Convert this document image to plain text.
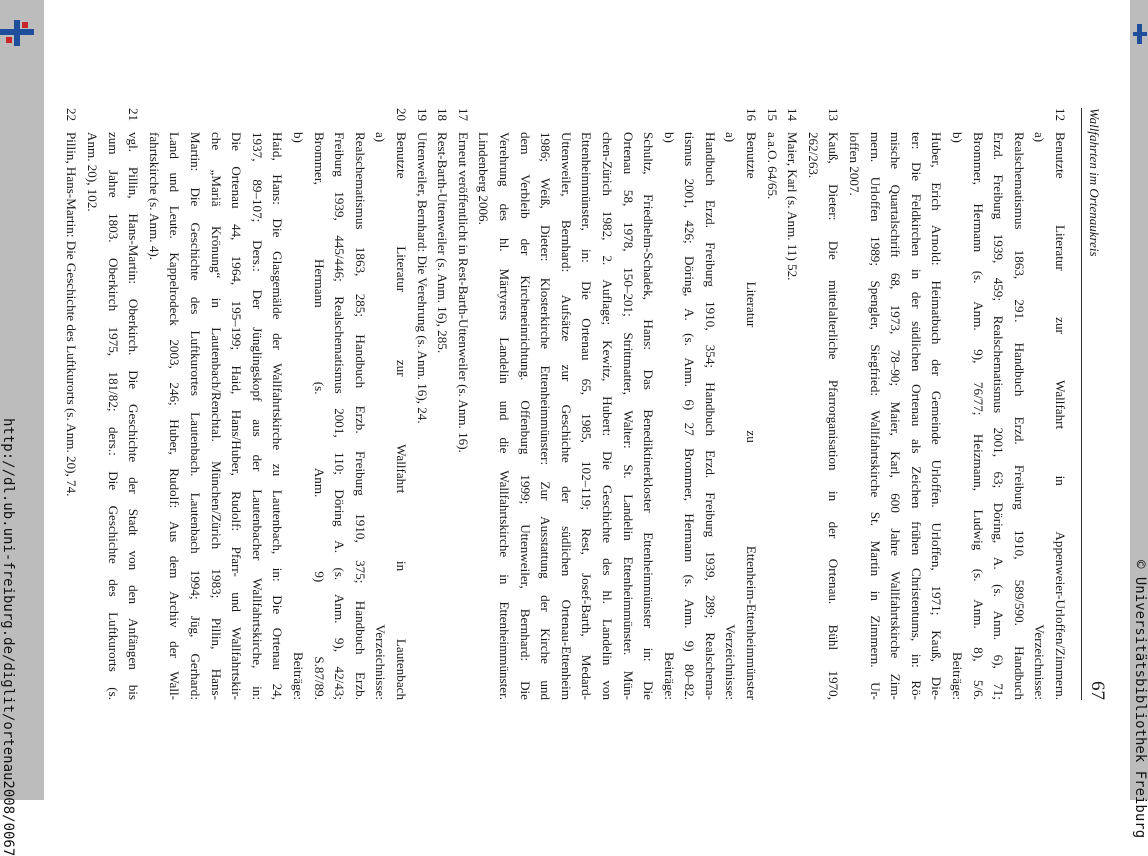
http://dl.ub.uni-freiburg.de/diglit/ortenau2008/0067	© Universitätsbibliothek Freiburg
Wallfahrten im Ortenaukreis
67
12
Benutzte Literatur zur Wallfahrt in Appenweier-Urloffen/Zimmern.
a) Verzeichnisse:
Realschematismus 1863, 291. Handbuch Erzd. Freiburg 1910, 589/590. Handbuch
Erzd. Freiburg 1939, 459; Realschematismus 2001, 63; Döring, A. (s. Anm. 6), 71;
Brommer, Hermann (s. Anm. 9), 76/77; Heizmann, Ludwig (s. Anm. 8), 5/6.
b) Beiträge:
Huber, Erich Arnold: Heimatbuch der Gemeinde Urloffen. Urloffen, 1971; Kauß, Die-
ter: Die Feldkirchen in der südlichen Ortenau als Zeichen frühen Christentums, in: Rö-
mische Quartalschrift 68, 1973, 78–90; Maier, Karl, 600 Jahre Wallfahrtskirche Zim-
mern. Urloffen 1989; Spengler, Siegfried: Wallfahrtskirche St. Martin in Zimmern. Ur-
loffen 2007.
13
Kauß, Dieter: Die mittelalterliche Pfarrorganisation in der Ortenau. Bühl 1970,
262/263.
14
Maier, Karl (s. Anm. 11) 52.
15
a.a.O. 64/65.
16
Benutzte Literatur zu Ettenheim-Ettenheimmünster
a) Verzeichnisse:
Handbuch Erzd. Freiburg 1910, 354; Handbuch Erzd. Freiburg 1939, 289; Realschema-
tismus 2001, 426; Döring, A. (s. Anm. 6) 27 Brommer, Hermann (s. Anm. 9) 80–82.
b) Beiträge:
Schultz, Friedhelm-Schadek, Hans: Das Benediktinerkloster Ettenheimmünster in: Die
Ortenau 58, 1978, 150–201; Strittmatter, Walter: St. Landelin Ettenheimmünster. Mün-
chen-Zürich 1982, 2. Auflage; Kewitz, Hubert: Die Geschichte des hl. Landelin von
Ettenheimmünster, in: Die Ortenau 65, 1985, 102–119; Rest, Josef-Barth, Medard-
Uttenweiler, Bernhard: Aufsätze zur Geschichte der südlichen Ortenau-Ettenheim
1986; Weiß, Dieter: Klosterkirche Ettenheimmünster: Zur Ausstattung der Kirche und
dem Verbleib der Kircheneinrichtung. Offenburg 1999; Uttenweiler, Bernhard: Die
Verehrung des hl. Märtyrers Landelin und die Wallfahrtskirche in Ettenheimmünster.
Lindenberg 2006.
17
Erneut veröffentlicht in Rest-Barth-Uttenweiler (s. Anm. 16).
18
Rest-Barth-Uttenweiler (s. Anm. 16), 285.
19
Uttenweiler, Bernhard: Die Verehrung (s. Anm. 16), 24.
20
Benutzte Literatur zur Wallfahrt in Lautenbach
a) Verzeichnisse:
Realschematismus 1863, 285; Handbuch Erzb. Freiburg 1910, 375; Handbuch Erzb.
Freiburg 1939, 445/446; Realschematismus 2001, 110; Döring A. (s. Anm. 9), 42/43;
Brommer, Hermann (s. Anm. 9) S.87/89.
b) Beiträge:
Haid, Hans: Die Glasgemälde der Wallfahrtskirche zu Lautenbach, in: Die Ortenau 24,
1937, 89–107; Ders.: Der Jünglingskopf aus der Lautenbacher Wallfahrtskirche, in:
Die Ortenau 44, 1964, 195–199; Haid, Hans/Huber, Rudolf: Pfarr- und Wallfahrtskir-
che „Mariä Krönung“ in Lautenbach/Renchtal. München/Zürich 1983; Pillin, Hans-
Martin: Die Geschichte des Luftkurortes Lautenbach. Lautenbach 1994; Jüg, Gerhard:
Land und Leute. Kappelrodeck 2003, 246; Huber, Rudolf: Aus dem Archiv der Wall-
fahrtskirche (s. Anm. 4).
21
vgl. Pillin, Hans-Martin: Oberkirch. Die Geschichte der Stadt von den Anfängen bis
zum Jahre 1803. Oberkirch 1975, 181/82; ders.: Die Geschichte des Luftkurorts (s.
Anm. 20), 102.
22
Pillin, Hans-Martin: Die Geschichte des Luftkurorts (s. Anm. 20), 74.
